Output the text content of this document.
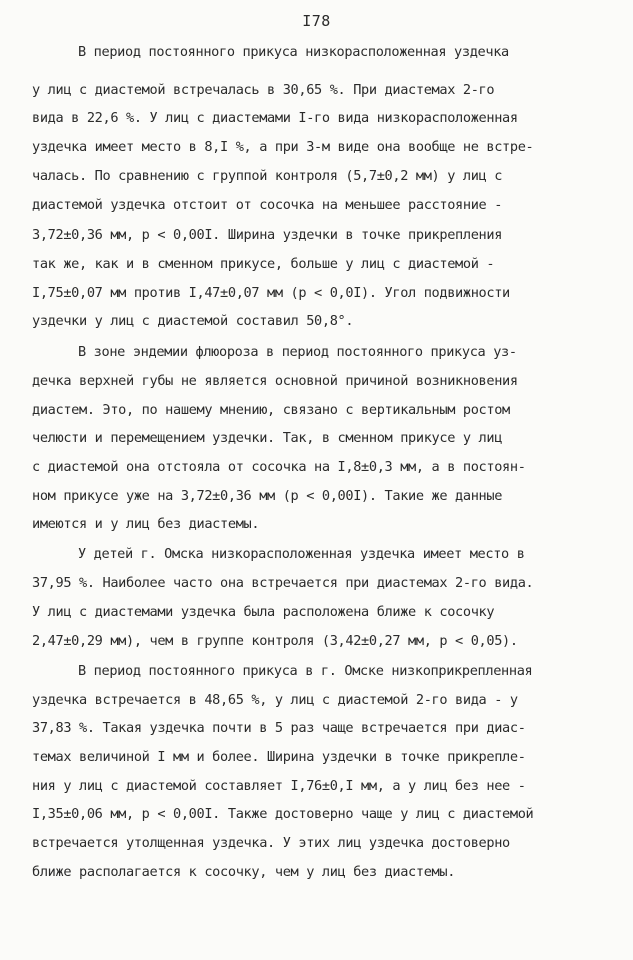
I78
В период постоянного прикуса низкорасположенная уздечка
у лиц с диастемой встречалась в 30,65 %. При диастемах 2-го
вида в 22,6 %. У лиц с диастемами I-го вида низкорасположенная
уздечка имеет место в 8,I %, а при 3-м виде она вообще не встре-
чалась. По сравнению с группой контроля (5,7±0,2 мм) у лиц с
диастемой уздечка отстоит от сосочка на меньшее расстояние -
3,72±0,36 мм, p < 0,00I. Ширина уздечки в точке прикрепления
так же, как и в сменном прикусе, больше у лиц с диастемой -
I,75±0,07 мм против I,47±0,07 мм (p < 0,0I). Угол подвижности
уздечки у лиц с диастемой составил 50,8°.
В зоне эндемии флюороза в период постоянного прикуса уз-
дечка верхней губы не является основной причиной возникновения
диастем. Это, по нашему мнению, связано с вертикальным ростом
челюсти и перемещением уздечки. Так, в сменном прикусе у лиц
с диастемой она отстояла от сосочка на I,8±0,3 мм, а в постоян-
ном прикусе уже на 3,72±0,36 мм (p < 0,00I). Такие же данные
имеются и у лиц без диастемы.
У детей г. Омска низкорасположенная уздечка имеет место в
37,95 %. Наиболее часто она встречается при диастемах 2-го вида.
У лиц с диастемами уздечка была расположена ближе к сосочку
2,47±0,29 мм), чем в группе контроля (3,42±0,27 мм, p < 0,05).
В период постоянного прикуса в г. Омске низкоприкрепленная
уздечка встречается в 48,65 %, у лиц с диастемой 2-го вида - у
37,83 %. Такая уздечка почти в 5 раз чаще встречается при диас-
темах величиной I мм и более. Ширина уздечки в точке прикрепле-
ния у лиц с диастемой составляет I,76±0,I мм, а у лиц без нее -
I,35±0,06 мм, p < 0,00I. Также достоверно чаще у лиц с диастемой
встречается утолщенная уздечка. У этих лиц уздечка достоверно
ближе располагается к сосочку, чем у лиц без диастемы.
